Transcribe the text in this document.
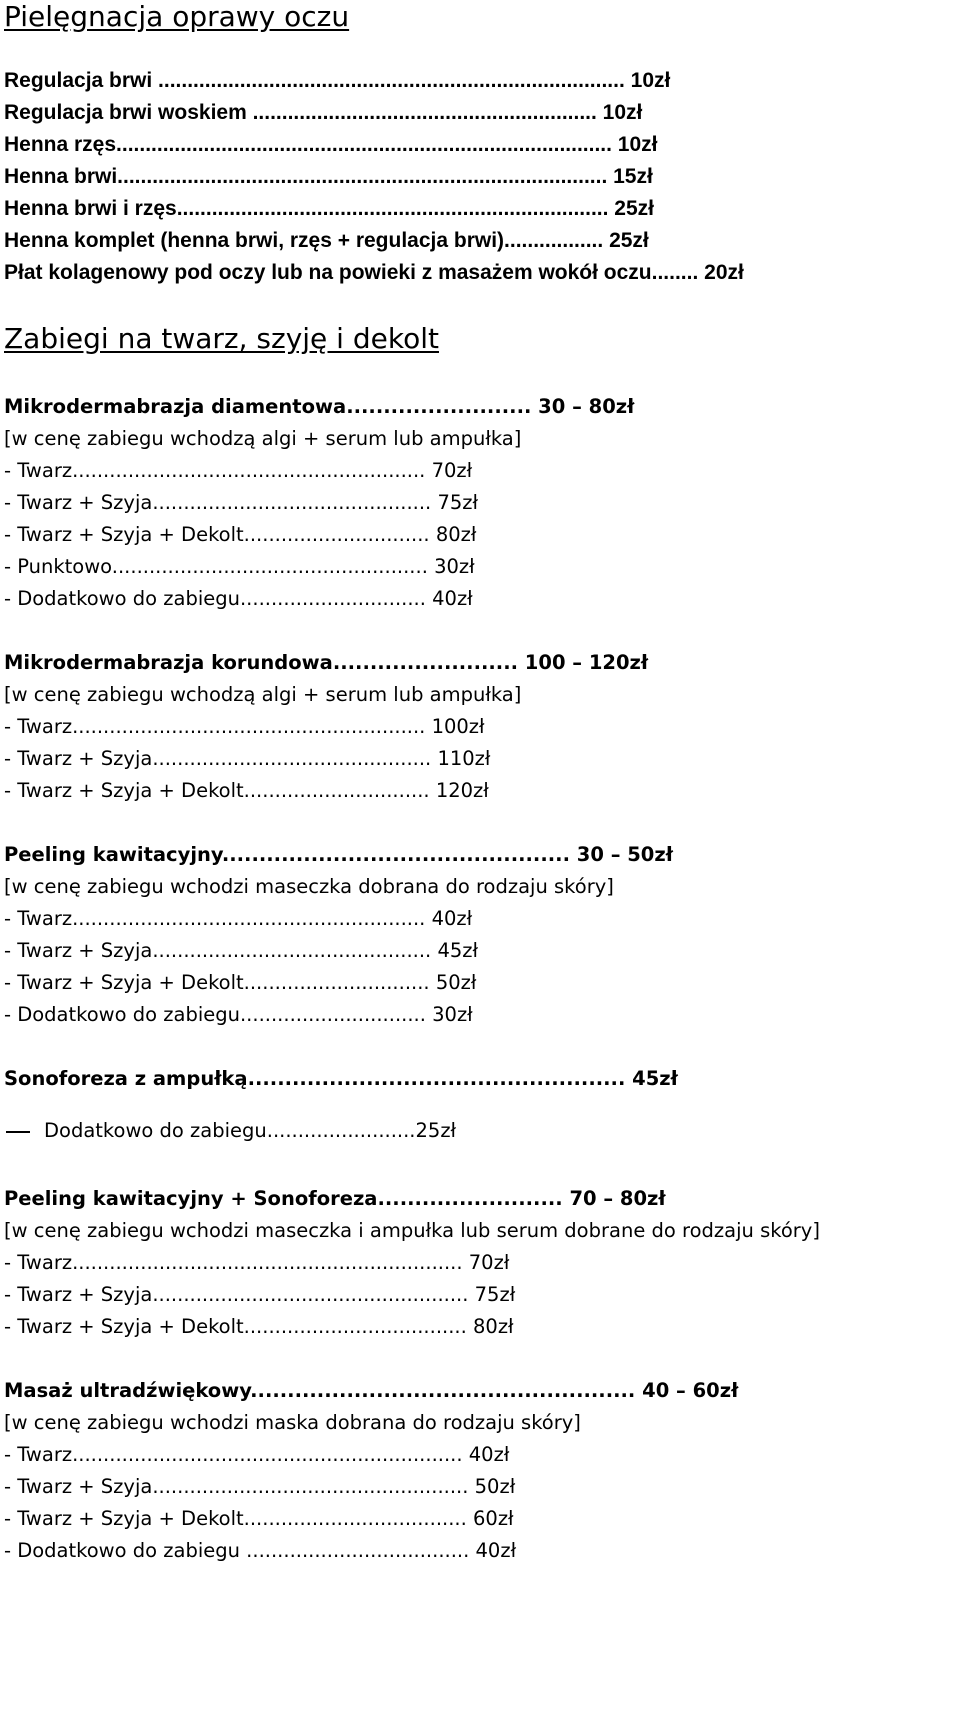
Pielęgnacja oprawy oczu
Regulacja brwi ................................................................................ 10zł
Regulacja brwi woskiem ........................................................... 10zł
Henna rzęs..................................................................................... 10zł
Henna brwi.................................................................................... 15zł
Henna brwi i rzęs.......................................................................... 25zł
Henna komplet (henna brwi, rzęs + regulacja brwi)................. 25zł
Płat kolagenowy pod oczy lub na powieki z masażem wokół oczu........ 20zł
Zabiegi na twarz, szyję i dekolt
Mikrodermabrazja diamentowa......................... 30 – 80zł
[w cenę zabiegu wchodzą algi + serum lub ampułka]
- Twarz......................................................... 70zł
- Twarz + Szyja............................................. 75zł
- Twarz + Szyja + Dekolt.............................. 80zł
- Punktowo................................................... 30zł
- Dodatkowo do zabiegu.............................. 40zł
Mikrodermabrazja korundowa......................... 100 – 120zł
[w cenę zabiegu wchodzą algi + serum lub ampułka]
- Twarz......................................................... 100zł
- Twarz + Szyja............................................. 110zł
- Twarz + Szyja + Dekolt.............................. 120zł
Peeling kawitacyjny............................................... 30 – 50zł
[w cenę zabiegu wchodzi maseczka dobrana do rodzaju skóry]
- Twarz......................................................... 40zł
- Twarz + Szyja............................................. 45zł
- Twarz + Szyja + Dekolt.............................. 50zł
- Dodatkowo do zabiegu.............................. 30zł
Sonoforeza z ampułką................................................... 45zł
Dodatkowo do zabiegu........................25zł
Peeling kawitacyjny + Sonoforeza......................... 70 – 80zł
[w cenę zabiegu wchodzi maseczka i ampułka lub serum dobrane do rodzaju skóry]
- Twarz............................................................... 70zł
- Twarz + Szyja................................................... 75zł
- Twarz + Szyja + Dekolt.................................... 80zł
Masaż ultradźwiękowy.................................................... 40 – 60zł
[w cenę zabiegu wchodzi maska dobrana do rodzaju skóry]
- Twarz............................................................... 40zł
- Twarz + Szyja................................................... 50zł
- Twarz + Szyja + Dekolt.................................... 60zł
- Dodatkowo do zabiegu .................................... 40zł
